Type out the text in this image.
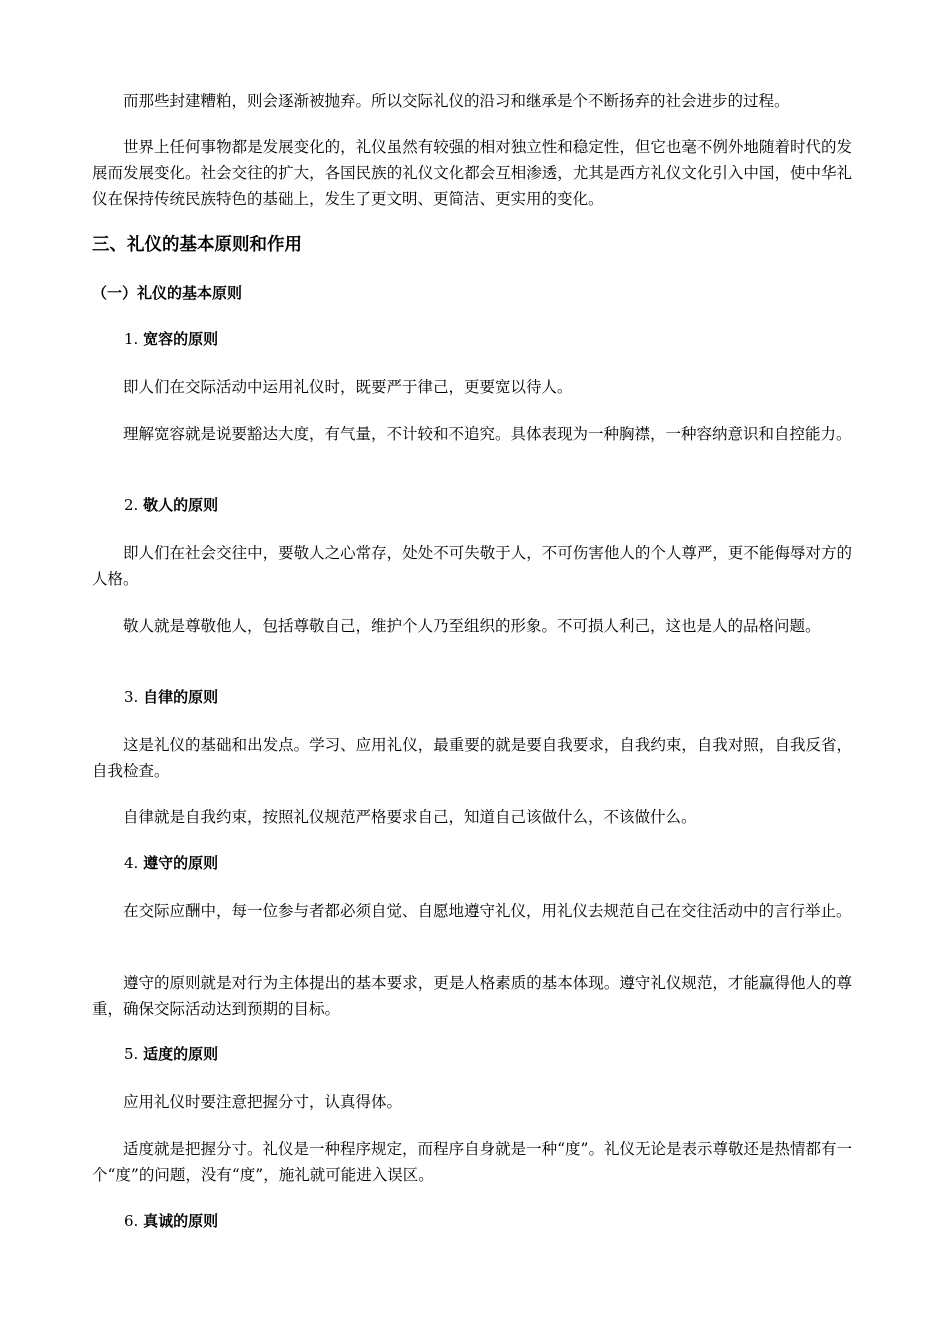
而那些封建糟粕，则会逐渐被抛弃。所以交际礼仪的沿习和继承是个不断扬弃的社会进步的过程。

世界上任何事物都是发展变化的，礼仪虽然有较强的相对独立性和稳定性，但它也毫不例外地随着时代的发展而发展变化。社会交往的扩大，各国民族的礼仪文化都会互相渗透，尤其是西方礼仪文化引入中国，使中华礼仪在保持传统民族特色的基础上，发生了更文明、更简洁、更实用的变化。

三、礼仪的基本原则和作用
（一）礼仪的基本原则
1. 宽容的原则

即人们在交际活动中运用礼仪时，既要严于律己，更要宽以待人。

理解宽容就是说要豁达大度，有气量，不计较和不追究。具体表现为一种胸襟，一种容纳意识和自控能力。

2. 敬人的原则

即人们在社会交往中，要敬人之心常存，处处不可失敬于人，不可伤害他人的个人尊严，更不能侮辱对方的人格。

敬人就是尊敬他人，包括尊敬自己，维护个人乃至组织的形象。不可损人利己，这也是人的品格问题。

3. 自律的原则

这是礼仪的基础和出发点。学习、应用礼仪，最重要的就是要自我要求，自我约束，自我对照，自我反省，自我检查。

自律就是自我约束，按照礼仪规范严格要求自己，知道自己该做什么，不该做什么。

4. 遵守的原则

在交际应酬中，每一位参与者都必须自觉、自愿地遵守礼仪，用礼仪去规范自己在交往活动中的言行举止。

遵守的原则就是对行为主体提出的基本要求，更是人格素质的基本体现。遵守礼仪规范，才能赢得他人的尊重，确保交际活动达到预期的目标。

5. 适度的原则

应用礼仪时要注意把握分寸，认真得体。

适度就是把握分寸。礼仪是一种程序规定，而程序自身就是一种“度”。礼仪无论是表示尊敬还是热情都有一个“度”的问题，没有“度”，施礼就可能进入误区。

6. 真诚的原则
